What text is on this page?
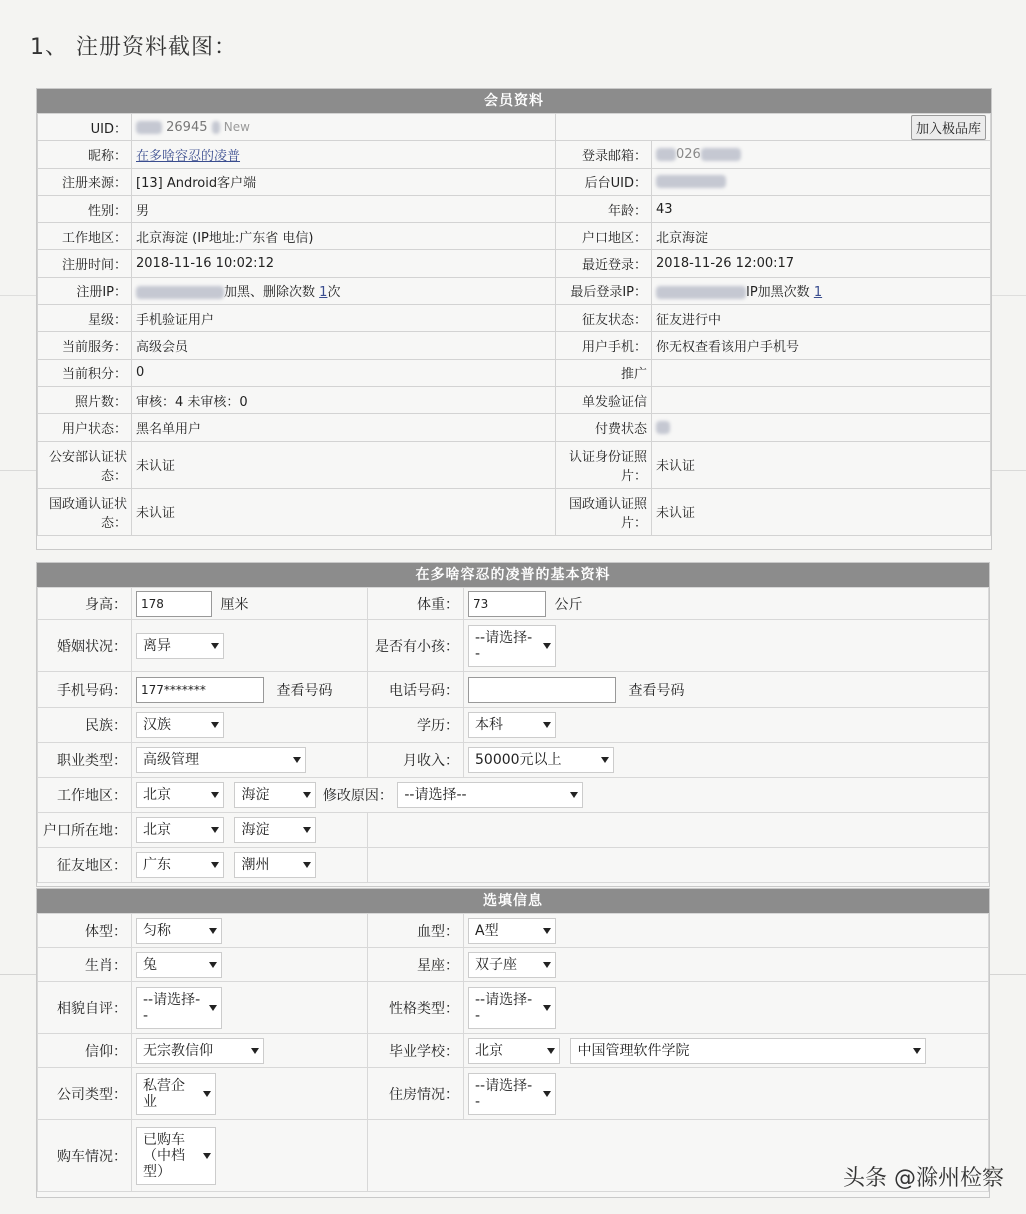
1、 注册资料截图：
会员资料
UID：	26945 New	加入极品库	

昵称：	在多啥容忍的凌普	登录邮箱：	026
注册来源：	[13] Android客户端	后台UID：	
性别：	男	年龄：	43
工作地区：	北京海淀 (IP地址:广东省 电信)	户口地区：	北京海淀
注册时间：	2018-11-16 10:02:12	最近登录：	2018-11-26 12:00:17
注册IP：	加黑、删除次数 1次	最后登录IP：	IP加黑次数 1
星级：	手机验证用户	征友状态：	征友进行中
当前服务：	高级会员	用户手机：	你无权查看该用户手机号
当前积分：	0	推广	
照片数：	审核：4 未审核：0	单发验证信	
用户状态：	黑名单用户	付费状态	
公安部认证状态：	未认证	认证身份证照片：	未认证
国政通认证状态：	未认证	国政通认证照片：	未认证
在多啥容忍的凌普的基本资料
身高：	178 厘米	体重：	73 公斤
婚姻状况：	离异	是否有小孩：	--请选择--

手机号码：	177******* 查看号码	电话号码：	查看号码
民族：	汉族	学历：	本科

职业类型：	高级管理	月收入：	50000元以上

工作地区：	北京 海淀 修改原因： --请选择--		

户口所在地：	北京 海淀	

征友地区：	广东 潮州	

选填信息
体型：	匀称	血型：	A型

生肖：	兔	星座：	双子座

相貌自评：	--请选择--	性格类型：	--请选择--

信仰：	无宗教信仰	毕业学校：	北京 中国管理软件学院

公司类型：	私营企业	住房情况：	--请选择--

购车情况：	已购车（中档型）	
		头条 @滁州检察
